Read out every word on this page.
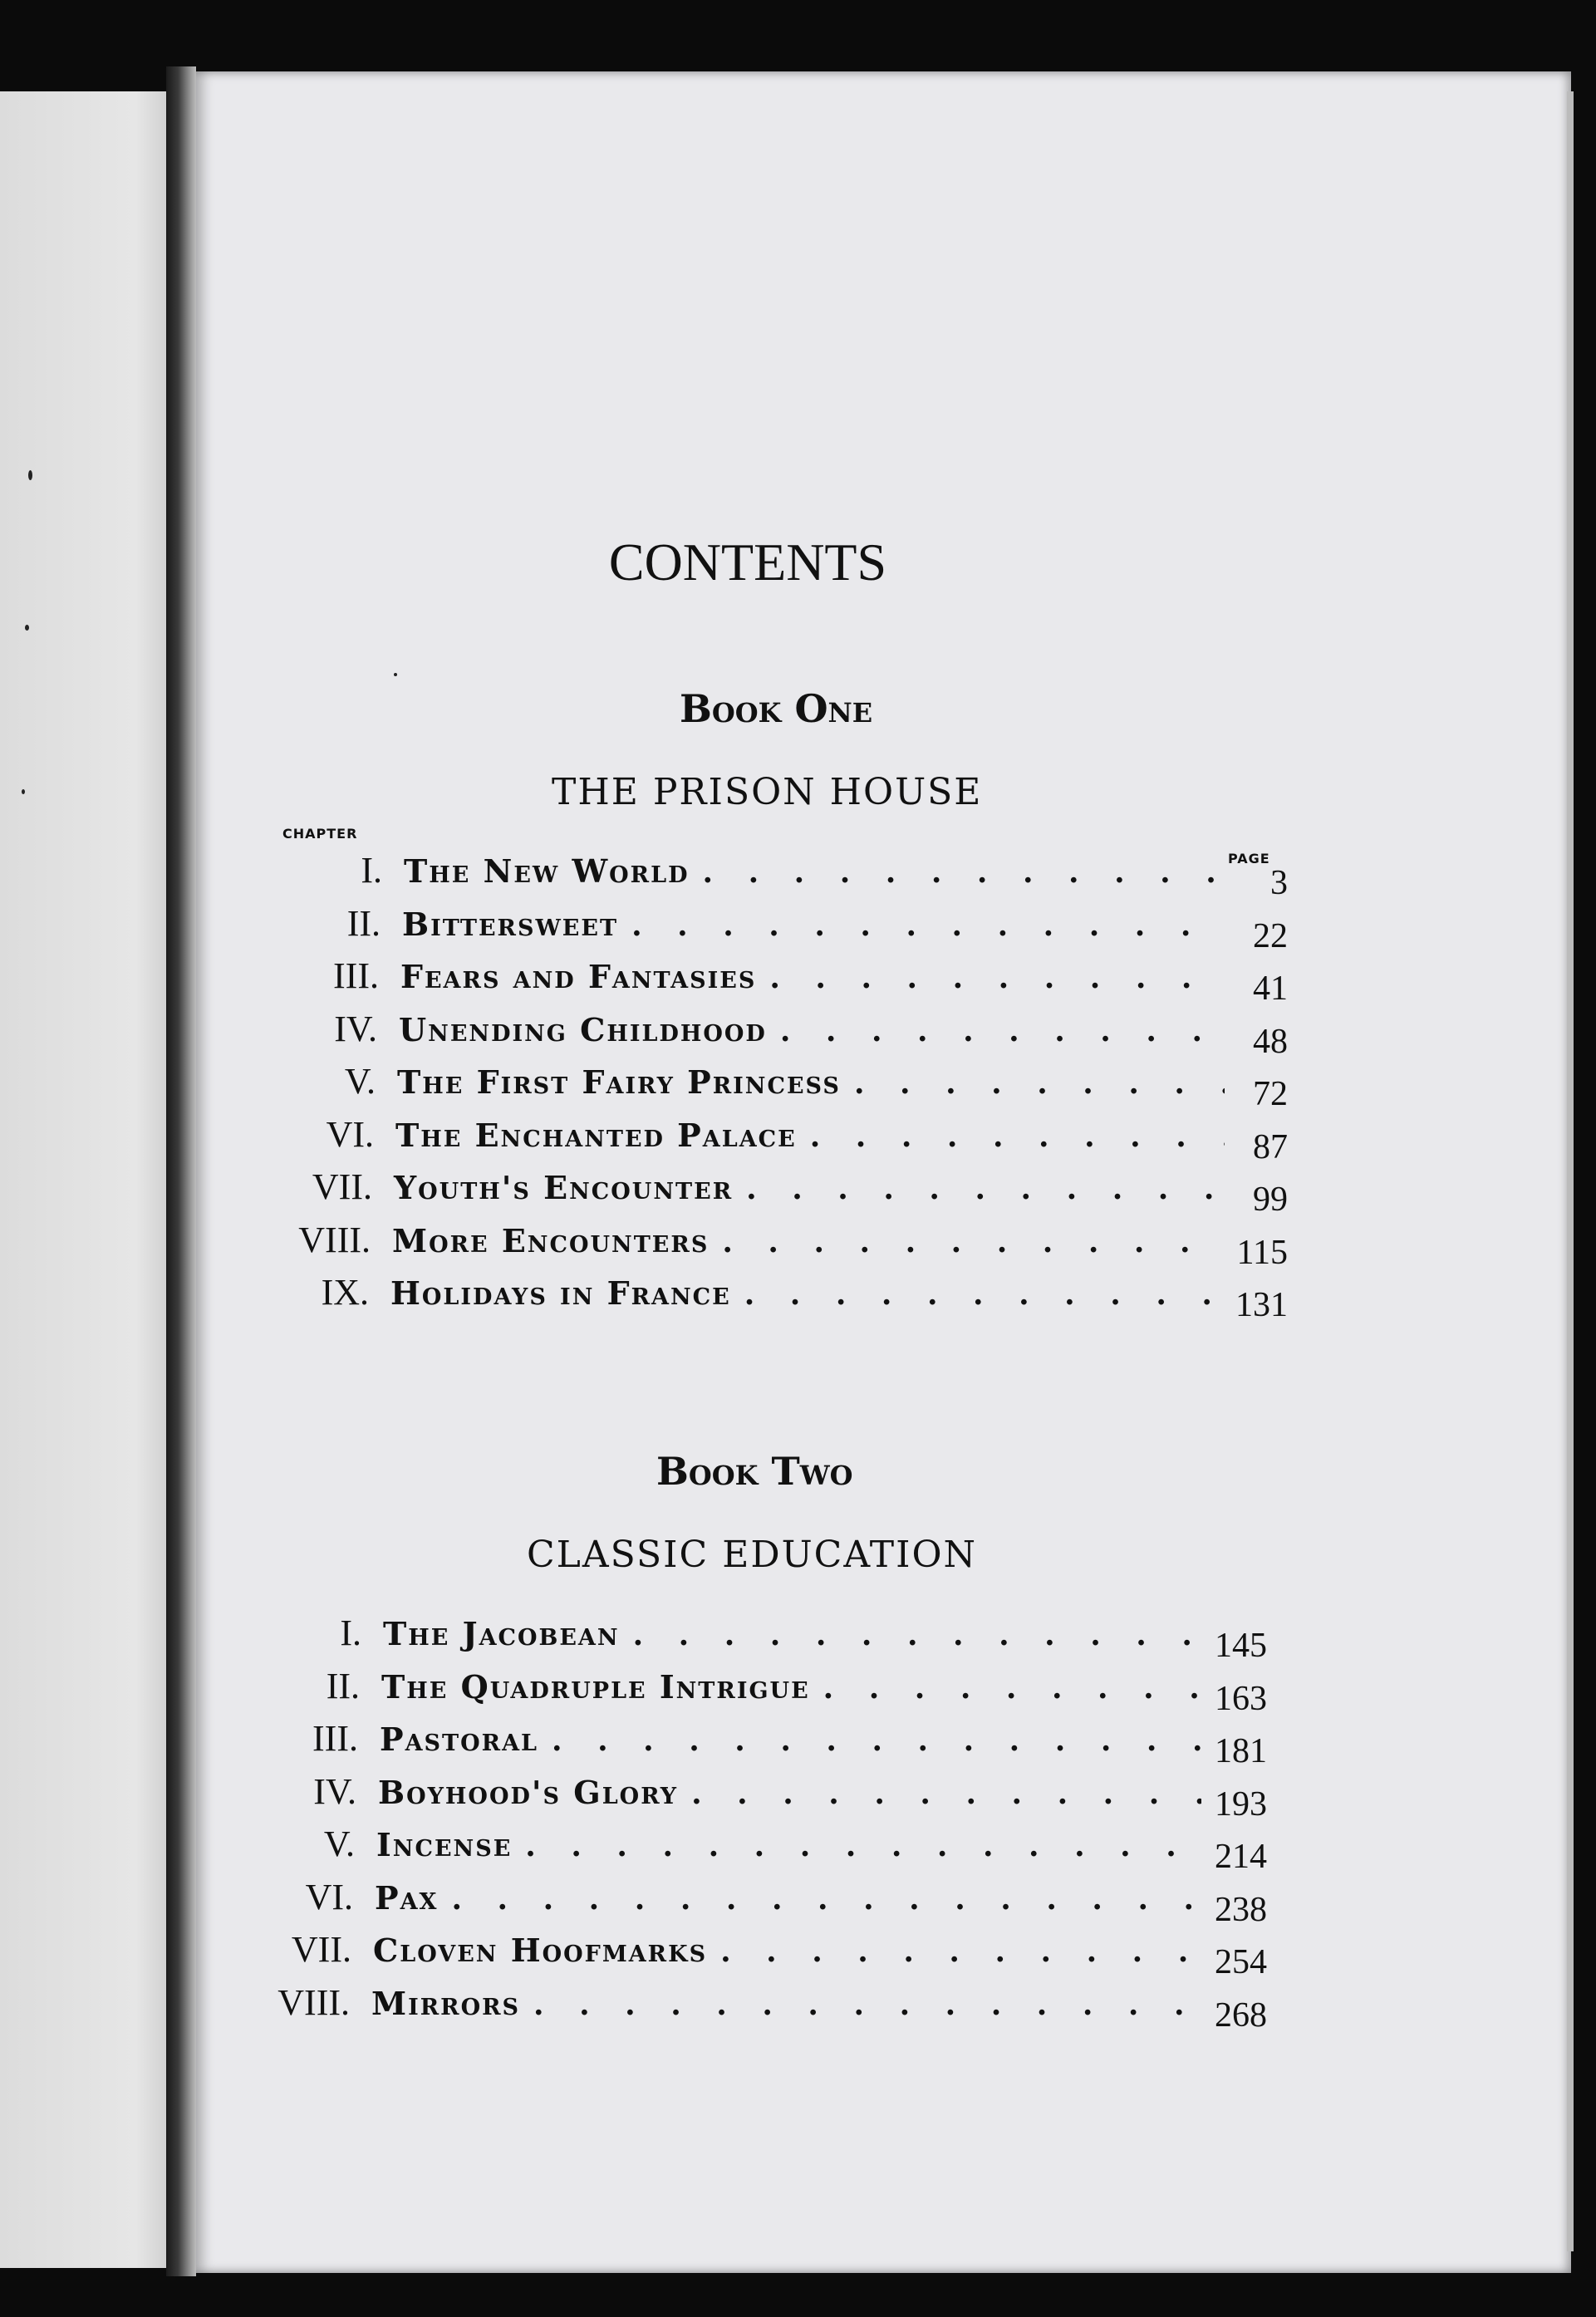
CONTENTS
Book One
THE PRISON HOUSE
CHAPTER
PAGE
I. The New World . . .	3
II. Bittersweet . . .	22
III. Fears and Fantasies . . .	41
IV. Unending Childhood . . .	48
V. The First Fairy Princess . . .	72
VI. The Enchanted Palace . . .	87
VII. Youth's Encounter . . .	99
VIII. More Encounters . . .	115
IX. Holidays in France . . .	131
Book Two
CLASSIC EDUCATION
I. The Jacobean . . .	145
II. The Quadruple Intrigue . . .	163
III. Pastoral . . .	181
IV. Boyhood's Glory . . .	193
V. Incense . . .	214
VI. Pax . . .	238
VII. Cloven Hoofmarks . . .	254
VIII. Mirrors . . .	268
